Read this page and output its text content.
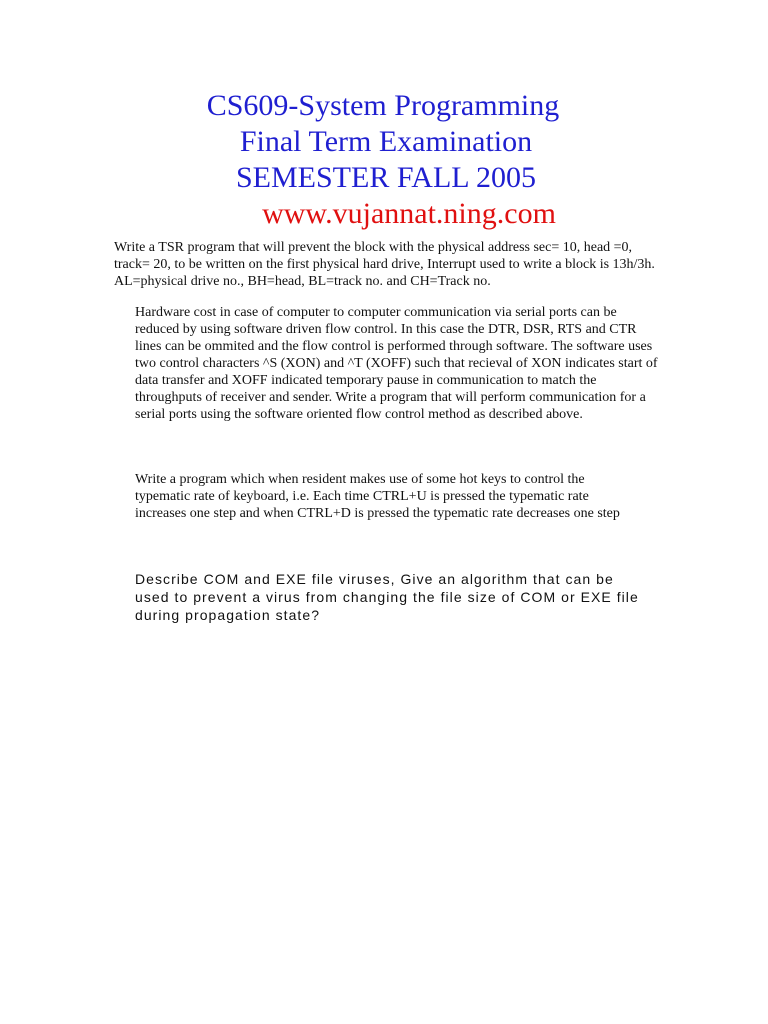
CS609-System Programming
Final Term Examination
SEMESTER FALL 2005

www.vujannat.ning.com

Write a TSR program that will prevent the block with the physical address sec= 10, head =0, track= 20, to be written on the first physical hard drive, Interrupt used to write a block is 13h/3h. AL=physical drive no., BH=head, BL=track no. and CH=Track no.

Hardware cost in case of computer to computer communication via serial ports can be reduced by using software driven flow control. In this case the DTR, DSR, RTS and CTR lines can be ommited and the flow control is performed through software. The software uses two control characters ^S (XON) and ^T (XOFF) such that recieval of XON indicates start of data transfer and XOFF indicated temporary pause in communication to match the throughputs of receiver and sender. Write a program that will perform communication for a serial ports using the software oriented flow control method as described above.

Write a program which when resident makes use of some hot keys to control the typematic rate of keyboard, i.e. Each time CTRL+U is pressed the typematic rate increases one step and when CTRL+D is pressed the typematic rate decreases one step

Describe COM and EXE file viruses, Give an algorithm that can be used to prevent a virus from changing the file size of COM or EXE file during propagation state?
